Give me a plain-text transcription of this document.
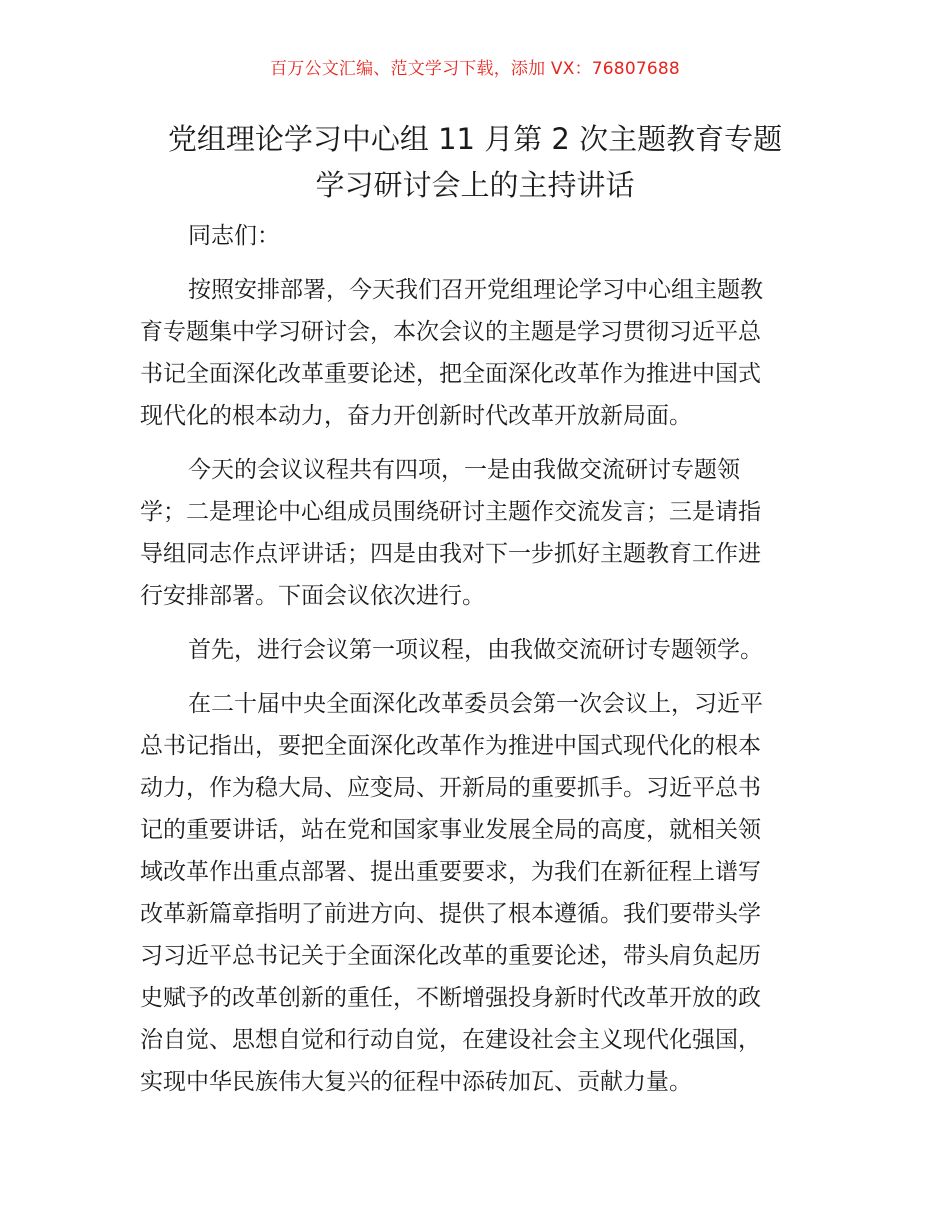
百万公文汇编、范文学习下载，添加 VX：76807688
党组理论学习中心组 11 月第 2 次主题教育专题
学习研讨会上的主持讲话

同志们：

按照安排部署，今天我们召开党组理论学习中心组主题教
育专题集中学习研讨会，本次会议的主题是学习贯彻习近平总
书记全面深化改革重要论述，把全面深化改革作为推进中国式
现代化的根本动力，奋力开创新时代改革开放新局面。

今天的会议议程共有四项，一是由我做交流研讨专题领
学；二是理论中心组成员围绕研讨主题作交流发言；三是请指
导组同志作点评讲话；四是由我对下一步抓好主题教育工作进
行安排部署。下面会议依次进行。

首先，进行会议第一项议程，由我做交流研讨专题领学。

在二十届中央全面深化改革委员会第一次会议上，习近平
总书记指出，要把全面深化改革作为推进中国式现代化的根本
动力，作为稳大局、应变局、开新局的重要抓手。习近平总书
记的重要讲话，站在党和国家事业发展全局的高度，就相关领
域改革作出重点部署、提出重要要求，为我们在新征程上谱写
改革新篇章指明了前进方向、提供了根本遵循。我们要带头学
习习近平总书记关于全面深化改革的重要论述，带头肩负起历
史赋予的改革创新的重任，不断增强投身新时代改革开放的政
治自觉、思想自觉和行动自觉，在建设社会主义现代化强国，
实现中华民族伟大复兴的征程中添砖加瓦、贡献力量。
